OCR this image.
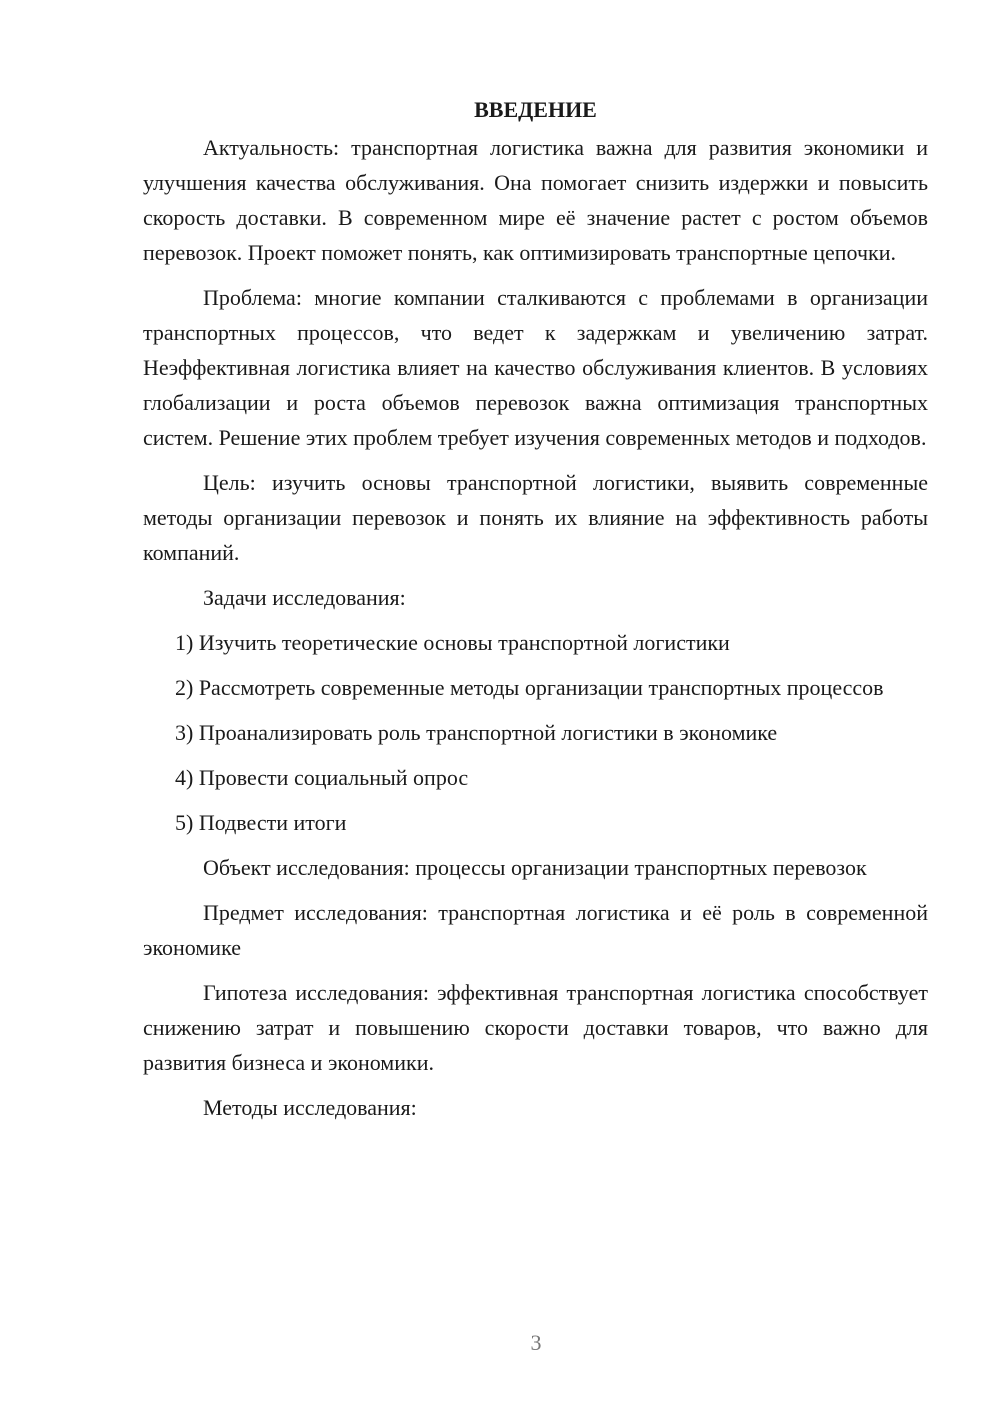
ВВЕДЕНИЕ

Актуальность: транспортная логистика важна для развития экономики и улучшения качества обслуживания. Она помогает снизить издержки и повысить скорость доставки. В современном мире её значение растет с ростом объемов перевозок. Проект поможет понять, как оптимизировать транспортные цепочки.

Проблема: многие компании сталкиваются с проблемами в организации транспортных процессов, что ведет к задержкам и увеличению затрат. Неэффективная логистика влияет на качество обслуживания клиентов. В условиях глобализации и роста объемов перевозок важна оптимизация транспортных систем. Решение этих проблем требует изучения современных методов и подходов.

Цель: изучить основы транспортной логистики, выявить современные методы организации перевозок и понять их влияние на эффективность работы компаний.

Задачи исследования:

1) Изучить теоретические основы транспортной логистики

2) Рассмотреть современные методы организации транспортных процессов

3) Проанализировать роль транспортной логистики в экономике

4) Провести социальный опрос

5) Подвести итоги

Объект исследования: процессы организации транспортных перевозок

Предмет исследования: транспортная логистика и её роль в современной экономике

Гипотеза исследования: эффективная транспортная логистика способствует снижению затрат и повышению скорости доставки товаров, что важно для развития бизнеса и экономики.

Методы исследования:

3
